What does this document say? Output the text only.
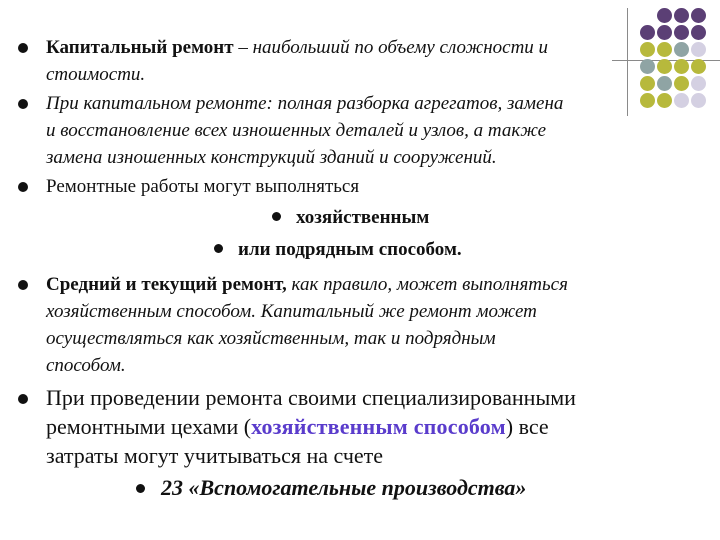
Капитальный ремонт – наибольший по объему сложности и
стоимости.
При капитальном ремонте: полная разборка агрегатов, замена
и восстановление всех изношенных деталей и узлов, а также
замена изношенных конструкций зданий и сооружений.
Ремонтные работы могут выполняться
хозяйственным
или подрядным способом.
Средний и текущий ремонт, как правило, может выполняться
хозяйственным способом. Капитальный же ремонт может
осуществляться как хозяйственным, так и подрядным
способом.
При проведении ремонта своими специализированными
ремонтными цехами (хозяйственным способом) все
затраты могут учитываться на счете
23 «Вспомогательные производства»
